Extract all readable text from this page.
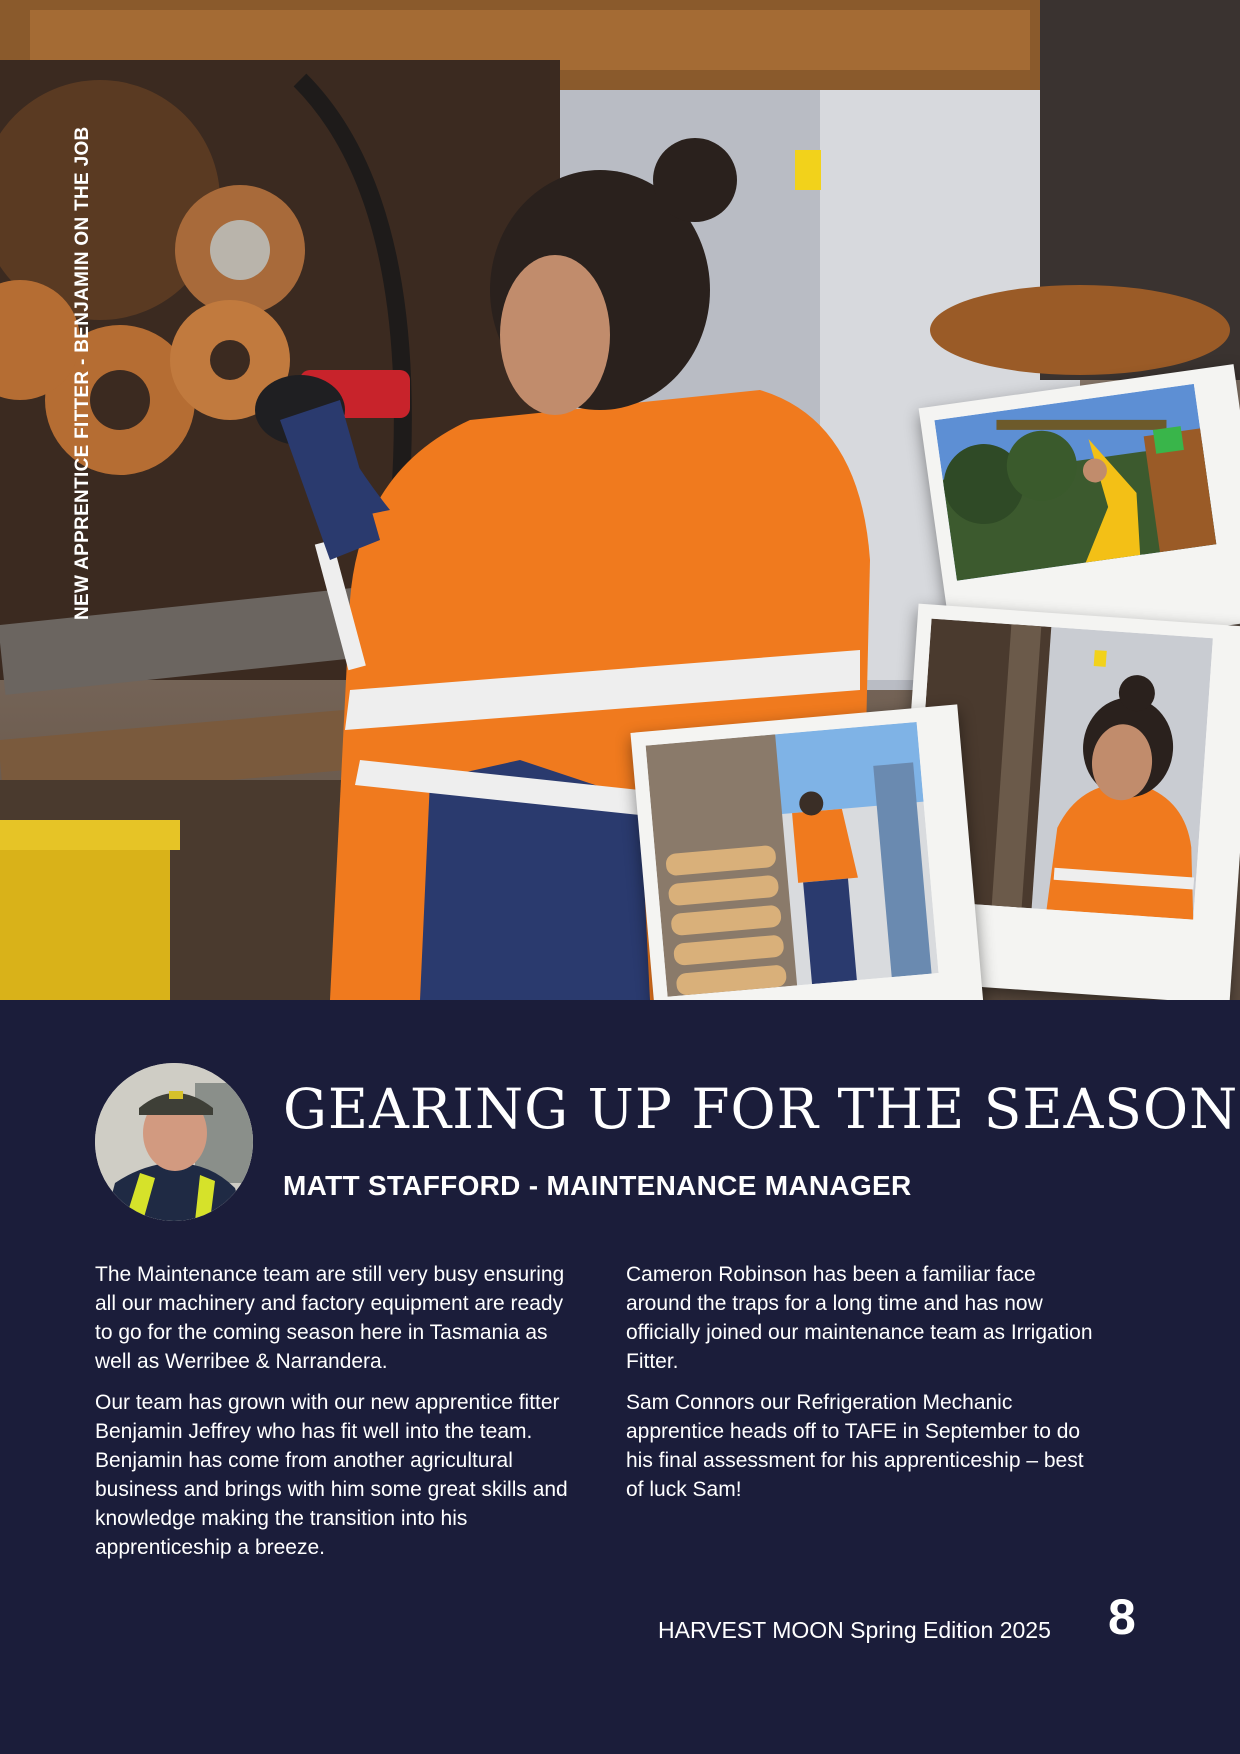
NEW APPRENTICE FITTER - BENJAMIN ON THE JOB
GEARING UP FOR THE SEASON
MATT STAFFORD - MAINTENANCE MANAGER

The Maintenance team are still very busy ensuring all our machinery and factory equipment are ready to go for the coming season here in Tasmania as well as Werribee & Narrandera.

Our team has grown with our new apprentice fitter Benjamin Jeffrey who has fit well into the team. Benjamin has come from another agricultural business and brings with him some great skills and knowledge making the transition into his apprenticeship a breeze.

Cameron Robinson has been a familiar face around the traps for a long time and has now officially joined our maintenance team as Irrigation Fitter.

Sam Connors our Refrigeration Mechanic apprentice heads off to TAFE in September to do his final assessment for his apprenticeship – best of luck Sam!

HARVEST MOON Spring Edition 2025 8
